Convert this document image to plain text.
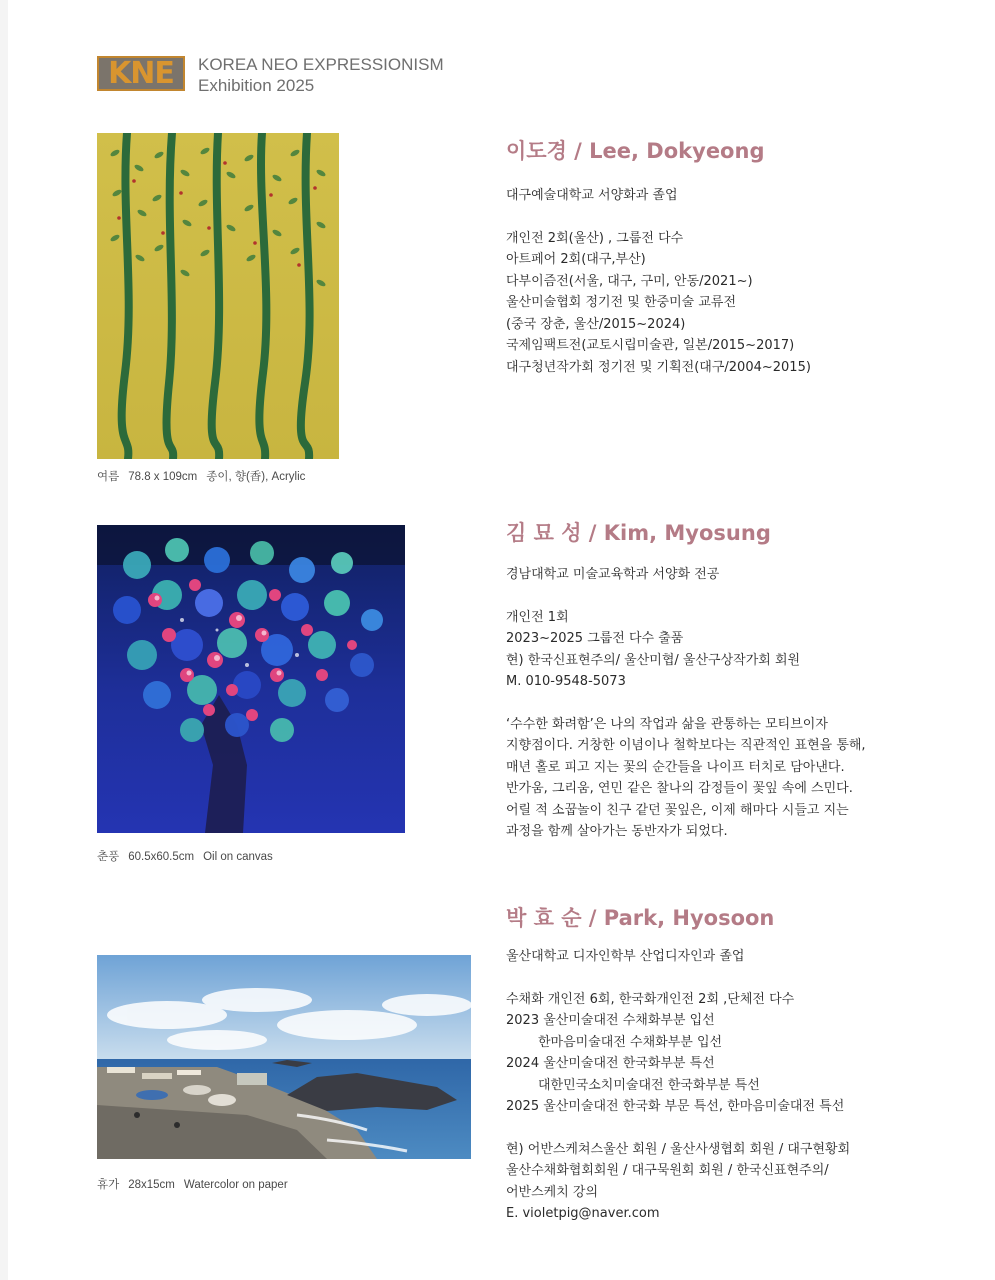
KNE KOREA NEO EXPRESSIONISM
Exhibition 2025
여름 78.8 x 109cm 종이, 향(香), Acrylic
이도경 / Lee, Dokyeong
대구예술대학교 서양화과 졸업
개인전 2회(울산) , 그룹전 다수
아트페어 2회(대구,부산)
다부이즘전(서울, 대구, 구미, 안동/2021~)
울산미술협회 정기전 및 한중미술 교류전
(중국 장춘, 울산/2015~2024)
국제임팩트전(교토시립미술관, 일본/2015~2017)
대구청년작가회 정기전 및 기획전(대구/2004~2015)
춘풍 60.5x60.5cm Oil on canvas
김 묘 성 / Kim, Myosung
경남대학교 미술교육학과 서양화 전공
개인전 1회
2023~2025 그룹전 다수 출품
현) 한국신표현주의/ 울산미협/ 울산구상작가회 회원
M. 010-9548-5073
‘수수한 화려함’은 나의 작업과 삶을 관통하는 모티브이자
지향점이다. 거창한 이념이나 철학보다는 직관적인 표현을 통해,
매년 홀로 피고 지는 꽃의 순간들을 나이프 터치로 담아낸다.
반가움, 그리움, 연민 같은 찰나의 감정들이 꽃잎 속에 스민다.
어릴 적 소꿉놀이 친구 같던 꽃잎은, 이제 해마다 시들고 지는
과정을 함께 살아가는 동반자가 되었다.
휴가 28x15cm Watercolor on paper
박 효 순 / Park, Hyosoon
울산대학교 디자인학부 산업디자인과 졸업
수채화 개인전 6회, 한국화개인전 2회 ,단체전 다수
2023 울산미술대전 수채화부분 입선
한마음미술대전 수채화부분 입선
2024 울산미술대전 한국화부분 특선
대한민국소치미술대전 한국화부분 특선
2025 울산미술대전 한국화 부문 특선, 한마음미술대전 특선
현) 어반스케쳐스울산 회원 / 울산사생협회 회원 / 대구현황회
울산수채화협회회원 / 대구묵원회 회원 / 한국신표현주의/
어반스케치 강의
E. violetpig@naver.com
